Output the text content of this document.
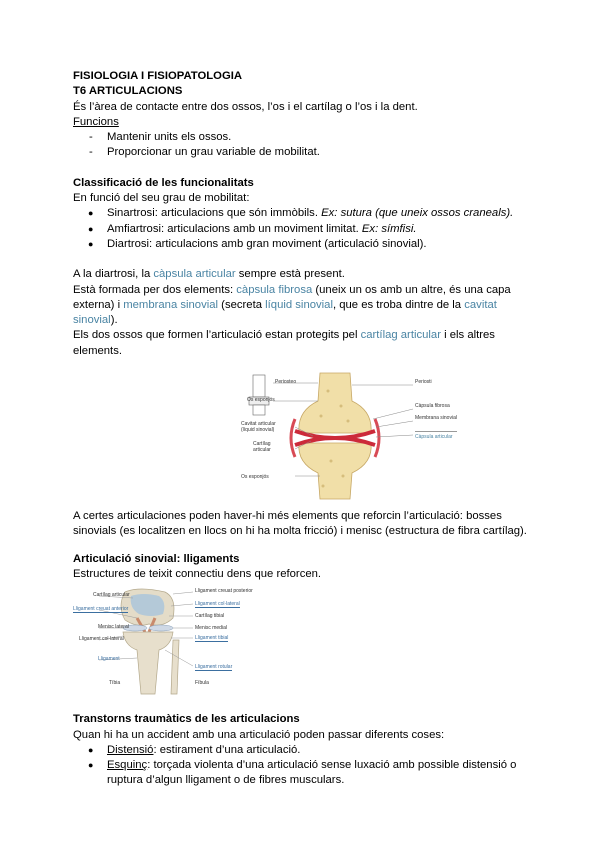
FISIOLOGIA I FISIOPATOLOGIA
T6 ARTICULACIONS
És l’àrea de contacte entre dos ossos, l’os i el cartílag o l’os i la dent.
Funcions
- Mantenir units els ossos.
- Proporcionar un grau variable de mobilitat.
Classificació de les funcionalitats
En funció del seu grau de mobilitat:
● Sinartrosi: articulacions que són immòbils. Ex: sutura (que uneix ossos craneals).
● Amfiartrosi: articulacions amb un moviment limitat. Ex: símfisi.
● Diartrosi: articulacions amb gran moviment (articulació sinovial).
A la diartrosi, la càpsula articular sempre està present.
Està formada per dos elements: càpsula fibrosa (uneix un os amb un altre, és una capa
externa) i membrana sinovial (secreta líquid sinovial, que es troba dintre de la cavitat
sinovial).
Els dos ossos que formen l’articulació estan protegits pel cartílag articular i els altres
elements.
Periosteo
Os esponjós
Cavitat articular
(líquid sinovial)
Cartílag
articular
Os esponjós
Periosti
Càpsula fibrosa
Membrana sinovial
Càpsula articular
A certes articulaciones poden haver-hi més elements que reforcin l’articulació: bosses
sinovials (es localitzen en llocs on hi ha molta fricció) i menisc (estructura de fibra cartílag).
Articulació sinovial: lligaments
Estructures de teixit connectiu dens que reforcen.
Cartílag articular
Lligament creuat anterior
Menisc lateral
Lligament col·lateral
Lligament
Tíbia
Lligament creuat posterior
Lligament col·lateral
Cartílag tibial
Menisc medial
Lligament tibial
Lligament rotular
Fíbula
Transtorns traumàtics de les articulacions
Quan hi ha un accident amb una articulació poden passar diferents coses:
● Distensió: estirament d’una articulació.
● Esquinç: torçada violenta d’una articulació sense luxació amb possible distensió o
ruptura d’algun lligament o de fibres musculars.
